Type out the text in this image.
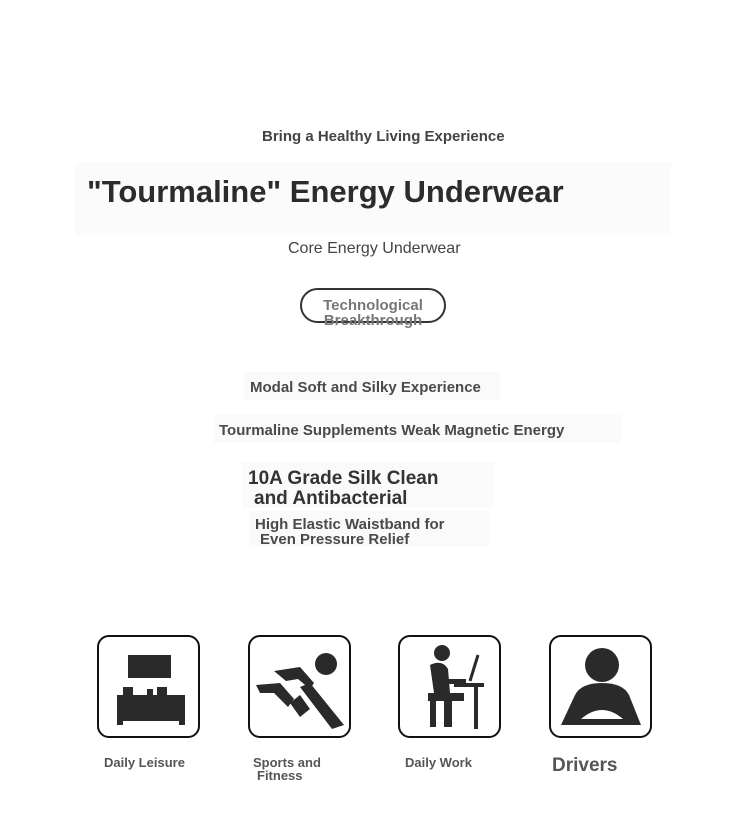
Bring a Healthy Living Experience
"Tourmaline" Energy Underwear
Core Energy Underwear
Technological
Breakthrough
Modal Soft and Silky Experience
Tourmaline Supplements Weak Magnetic Energy
10A Grade Silk Clean
and Antibacterial
High Elastic Waistband for
Even Pressure Relief
Daily Leisure	Sports and
Fitness
Daily Work	Drivers
